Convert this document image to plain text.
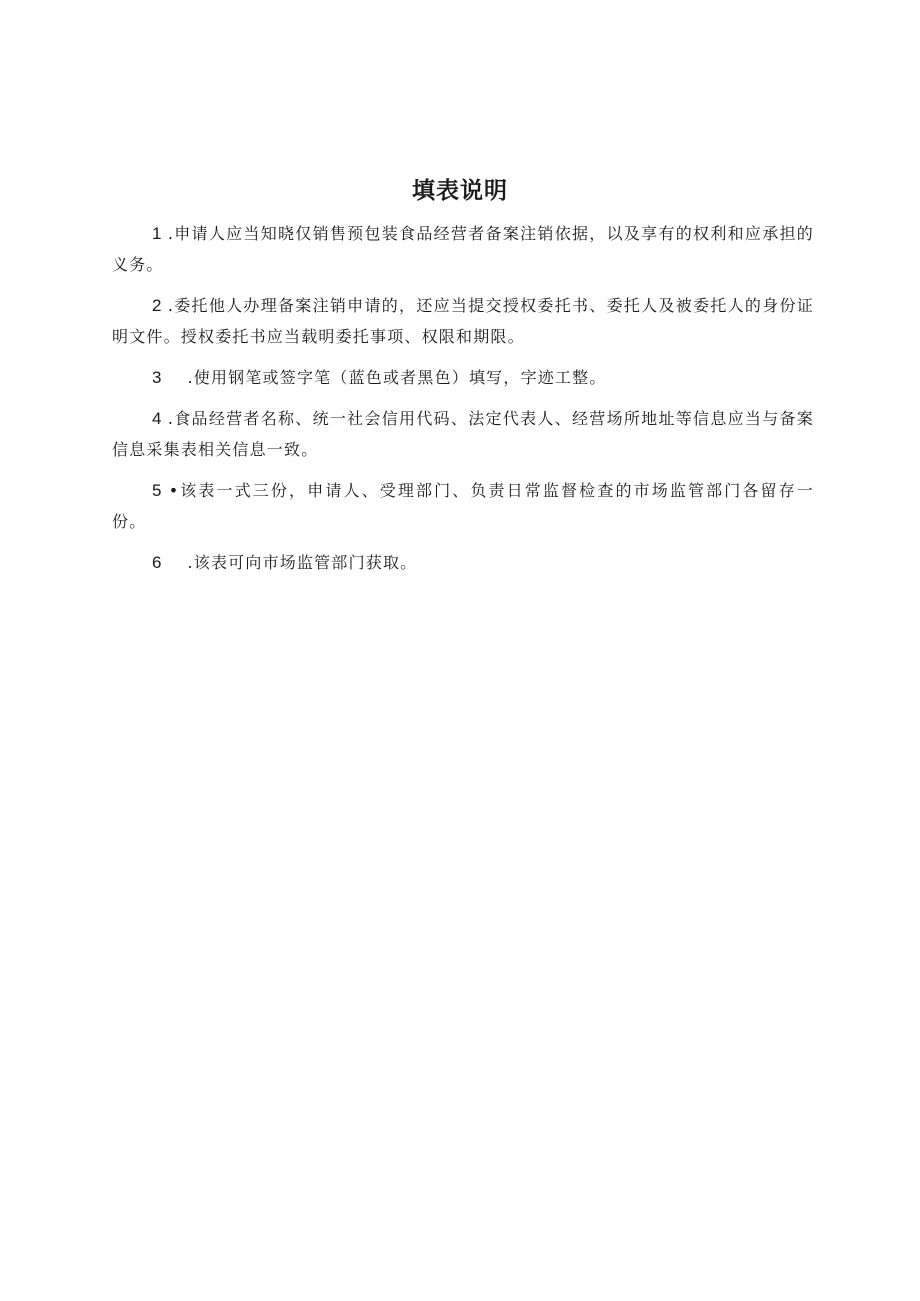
填表说明

1 .申请人应当知晓仅销售预包装食品经营者备案注销依据，以及享有的权利和应承担的义务。

2 .委托他人办理备案注销申请的，还应当提交授权委托书、委托人及被委托人的身份证明文件。授权委托书应当载明委托事项、权限和期限。

3 .使用钢笔或签字笔（蓝色或者黑色）填写，字迹工整。

4 .食品经营者名称、统一社会信用代码、法定代表人、经营场所地址等信息应当与备案信息采集表相关信息一致。

5 •该表一式三份，申请人、受理部门、负责日常监督检查的市场监管部门各留存一份。

6 .该表可向市场监管部门获取。
